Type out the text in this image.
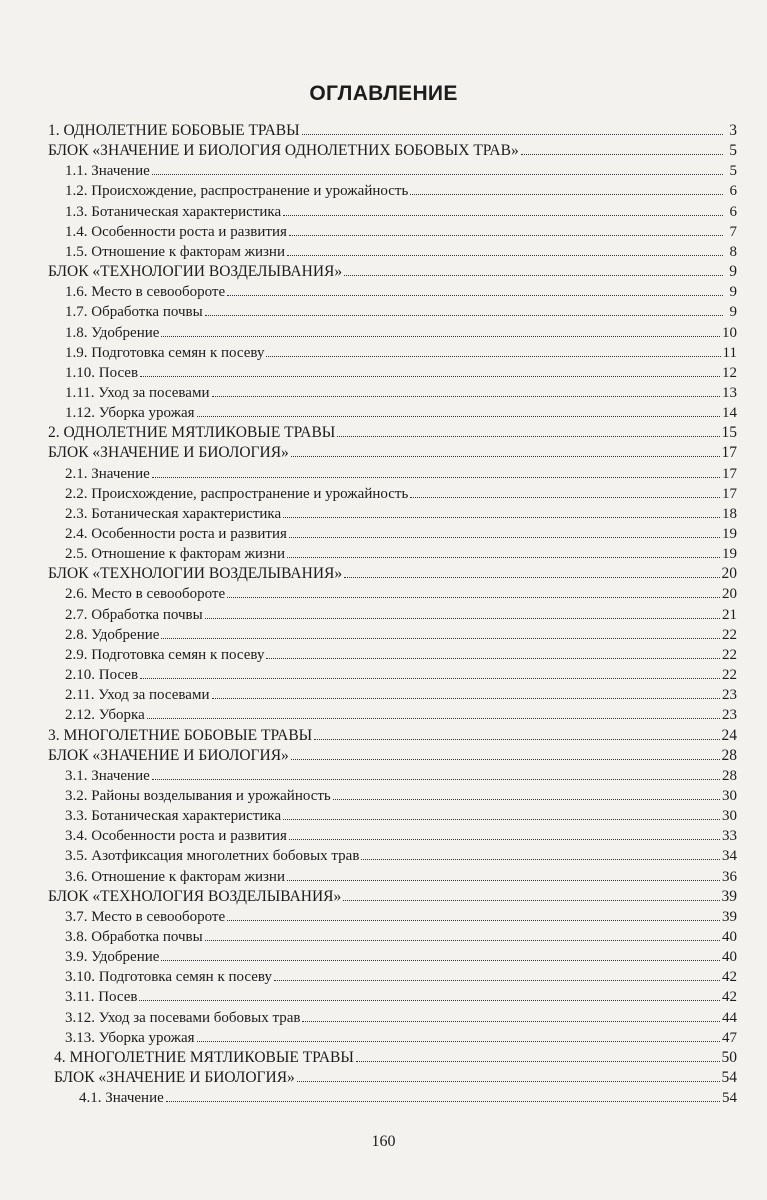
ОГЛАВЛЕНИЕ
1. ОДНОЛЕТНИЕ БОБОВЫЕ ТРАВЫ	3
БЛОК «ЗНАЧЕНИЕ И БИОЛОГИЯ ОДНОЛЕТНИХ БОБОВЫХ ТРАВ»	5
1.1. Значение	5
1.2. Происхождение, распространение и урожайность	6
1.3. Ботаническая характеристика	6
1.4. Особенности роста и развития	7
1.5. Отношение к факторам жизни	8
БЛОК «ТЕХНОЛОГИИ ВОЗДЕЛЫВАНИЯ»	9
1.6. Место в севообороте	9
1.7. Обработка почвы	9
1.8. Удобрение	10
1.9. Подготовка семян к посеву	11
1.10. Посев	12
1.11. Уход за посевами	13
1.12. Уборка урожая	14
2. ОДНОЛЕТНИЕ МЯТЛИКОВЫЕ ТРАВЫ	15
БЛОК «ЗНАЧЕНИЕ И БИОЛОГИЯ»	17
2.1. Значение	17
2.2. Происхождение, распространение и урожайность	17
2.3. Ботаническая характеристика	18
2.4. Особенности роста и развития	19
2.5. Отношение к факторам жизни	19
БЛОК «ТЕХНОЛОГИИ ВОЗДЕЛЫВАНИЯ»	20
2.6. Место в севообороте	20
2.7. Обработка почвы	21
2.8. Удобрение	22
2.9. Подготовка семян к посеву	22
2.10. Посев	22
2.11. Уход за посевами	23
2.12. Уборка	23
3. МНОГОЛЕТНИЕ БОБОВЫЕ ТРАВЫ	24
БЛОК «ЗНАЧЕНИЕ И БИОЛОГИЯ»	28
3.1. Значение	28
3.2. Районы возделывания и урожайность	30
3.3. Ботаническая характеристика	30
3.4. Особенности роста и развития	33
3.5. Азотфиксация многолетних бобовых трав	34
3.6. Отношение к факторам жизни	36
БЛОК «ТЕХНОЛОГИЯ ВОЗДЕЛЫВАНИЯ»	39
3.7. Место в севообороте	39
3.8. Обработка почвы	40
3.9. Удобрение	40
3.10. Подготовка семян к посеву	42
3.11. Посев	42
3.12. Уход за посевами бобовых трав	44
3.13. Уборка урожая	47
4. МНОГОЛЕТНИЕ МЯТЛИКОВЫЕ ТРАВЫ	50
БЛОК «ЗНАЧЕНИЕ И БИОЛОГИЯ»	54
4.1. Значение	54
160
